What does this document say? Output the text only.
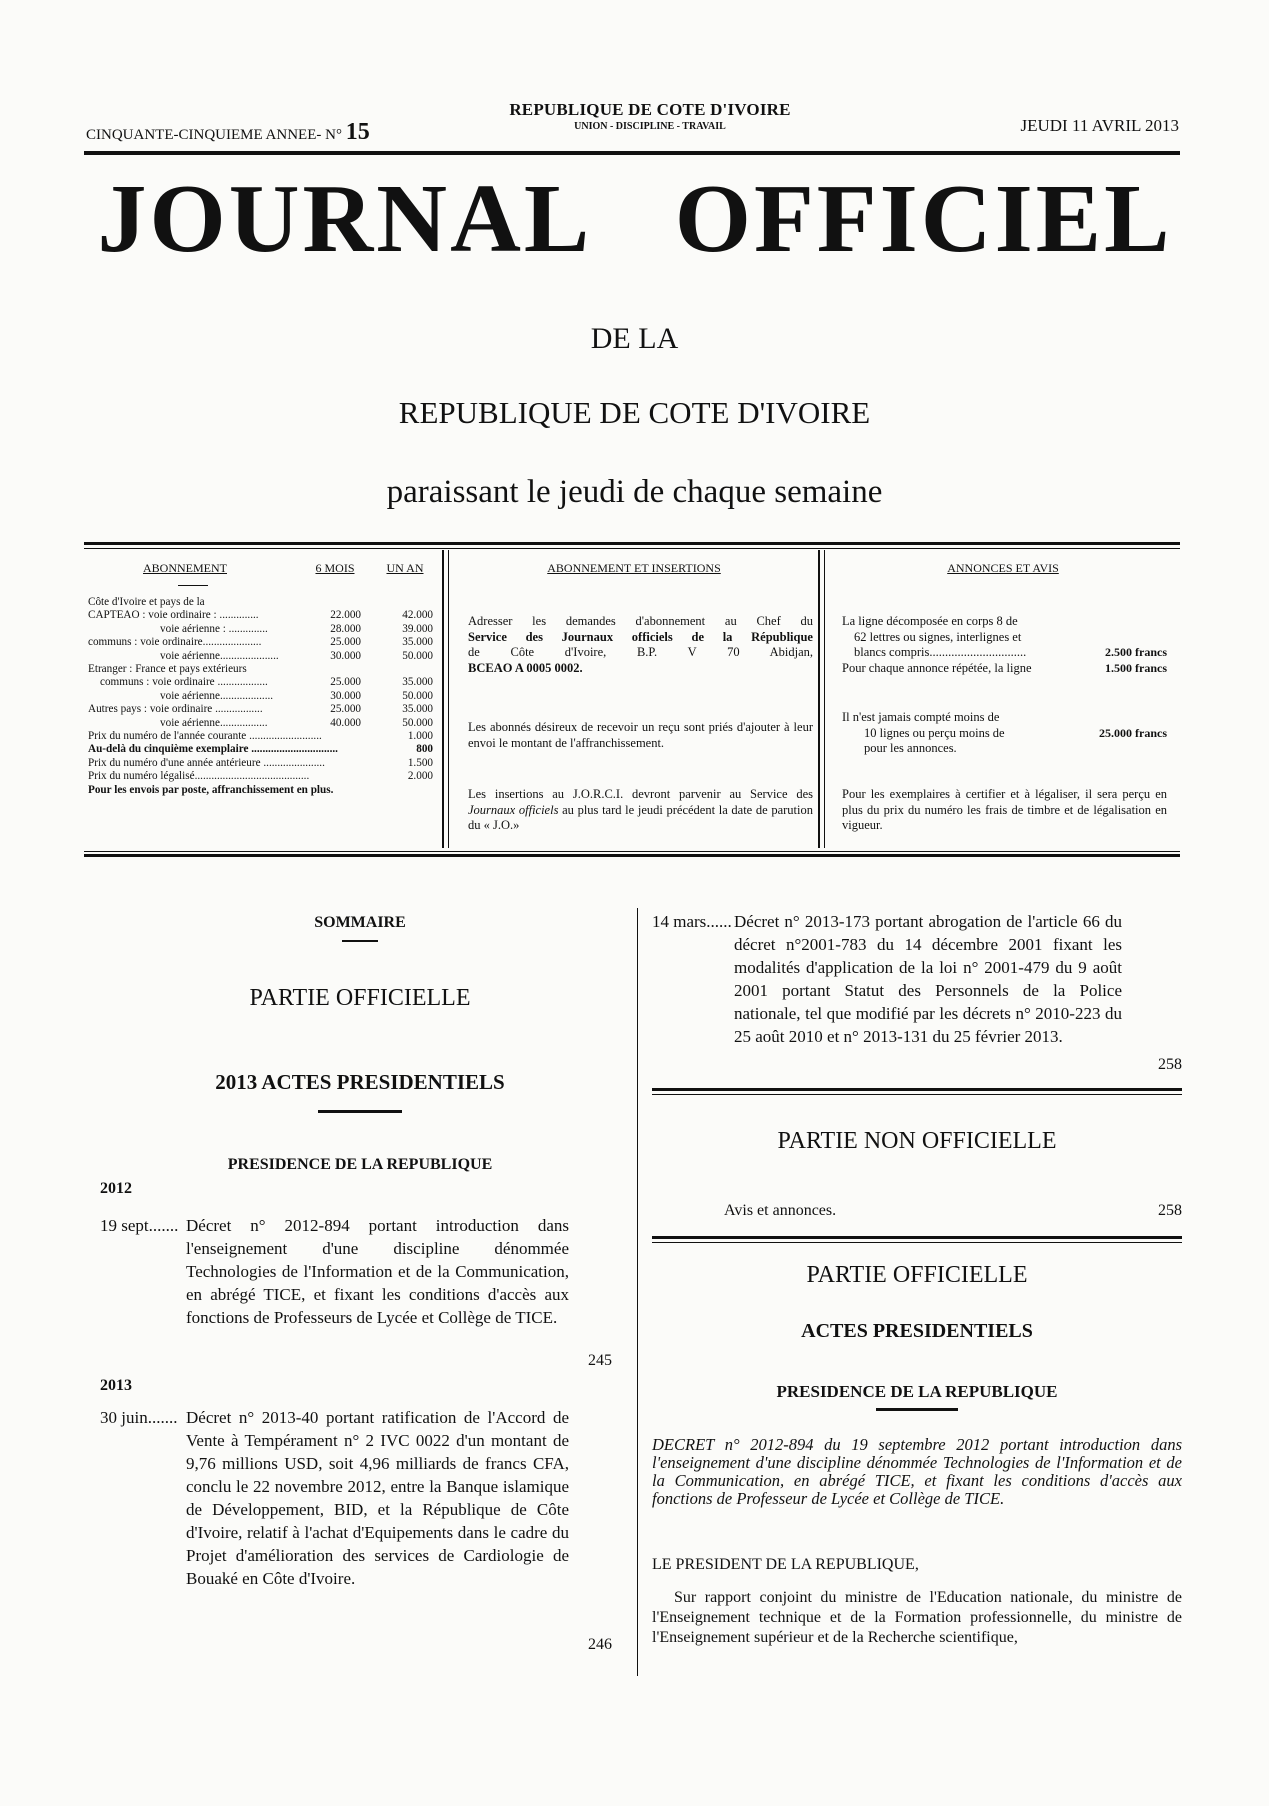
CINQUANTE-CINQUIEME ANNEE- N° 15
REPUBLIQUE DE COTE D'IVOIRE
UNION - DISCIPLINE - TRAVAIL	JEUDI 11 AVRIL 2013
JOURNAL OFFICIEL
DE LA
REPUBLIQUE DE COTE D'IVOIRE
paraissant le jeudi de chaque semaine
ABONNEMENT	6 MOIS	UN AN
Côte d'Ivoire et pays de la
CAPTEAO : voie ordinaire : ..............	22.000	42.000
voie aérienne : ..............	28.000	39.000
communs : voie ordinaire.....................	25.000	35.000
voie aérienne.....................	30.000	50.000
Etranger : France et pays extérieurs
communs : voie ordinaire ..................	25.000	35.000
voie aérienne...................	30.000	50.000
Autres pays : voie ordinaire .................	25.000	35.000
voie aérienne.................	40.000	50.000
Prix du numéro de l'année courante ..........................	1.000
Au-delà du cinquième exemplaire ...............................	800
Prix du numéro d'une année antérieure ......................	1.500
Prix du numéro légalisé.........................................	2.000
Pour les envois par poste, affranchissement en plus.
ABONNEMENT ET INSERTIONS
Adresser les demandes d'abonnement au Chef du
Service des Journaux officiels de la République
de Côte d'Ivoire, B.P. V 70 Abidjan,
BCEAO A 0005 0002.
Les abonnés désireux de recevoir un reçu sont priés d'ajouter à leur envoi le montant de l'affranchissement.
Les insertions au J.O.R.C.I. devront parvenir au Service des Journaux officiels au plus tard le jeudi précédent la date de parution du « J.O.»
ANNONCES ET AVIS
La ligne décomposée en corps 8 de
62 lettres ou signes, interlignes et
blancs compris...............................	2.500 francs
Pour chaque annonce répétée, la ligne	1.500 francs
Il n'est jamais compté moins de
10 lignes ou perçu moins de	25.000 francs
pour les annonces.
Pour les exemplaires à certifier et à légaliser, il sera perçu en plus du prix du numéro les frais de timbre et de légalisation en vigueur.
SOMMAIRE
PARTIE OFFICIELLE
2013 ACTES PRESIDENTIELS
PRESIDENCE DE LA REPUBLIQUE
2012
19 sept....... Décret n° 2012-894 portant introduction dans l'enseignement d'une discipline dénommée Technologies de l'Information et de la Communication, en abrégé TICE, et fixant les conditions d'accès aux fonctions de Professeurs de Lycée et Collège de TICE.
245
2013
30 juin....... Décret n° 2013-40 portant ratification de l'Accord de Vente à Tempérament n° 2 IVC 0022 d'un montant de 9,76 millions USD, soit 4,96 milliards de francs CFA, conclu le 22 novembre 2012, entre la Banque islamique de Développement, BID, et la République de Côte d'Ivoire, relatif à l'achat d'Equipements dans le cadre du Projet d'amélioration des services de Cardiologie de Bouaké en Côte d'Ivoire.
246
14 mars...... Décret n° 2013-173 portant abrogation de l'article 66 du décret n°2001-783 du 14 décembre 2001 fixant les modalités d'application de la loi n° 2001-479 du 9 août 2001 portant Statut des Personnels de la Police nationale, tel que modifié par les décrets n° 2010-223 du 25 août 2010 et n° 2013-131 du 25 février 2013.
258
PARTIE NON OFFICIELLE
Avis et annonces.	258
PARTIE OFFICIELLE
ACTES PRESIDENTIELS
PRESIDENCE DE LA REPUBLIQUE
DECRET n° 2012-894 du 19 septembre 2012 portant introduction dans l'enseignement d'une discipline dénommée Technologies de l'Information et de la Communication, en abrégé TICE, et fixant les conditions d'accès aux fonctions de Professeur de Lycée et Collège de TICE.
LE PRESIDENT DE LA REPUBLIQUE,
Sur rapport conjoint du ministre de l'Education nationale, du ministre de l'Enseignement technique et de la Formation professionnelle, du ministre de l'Enseignement supérieur et de la Recherche scientifique,
